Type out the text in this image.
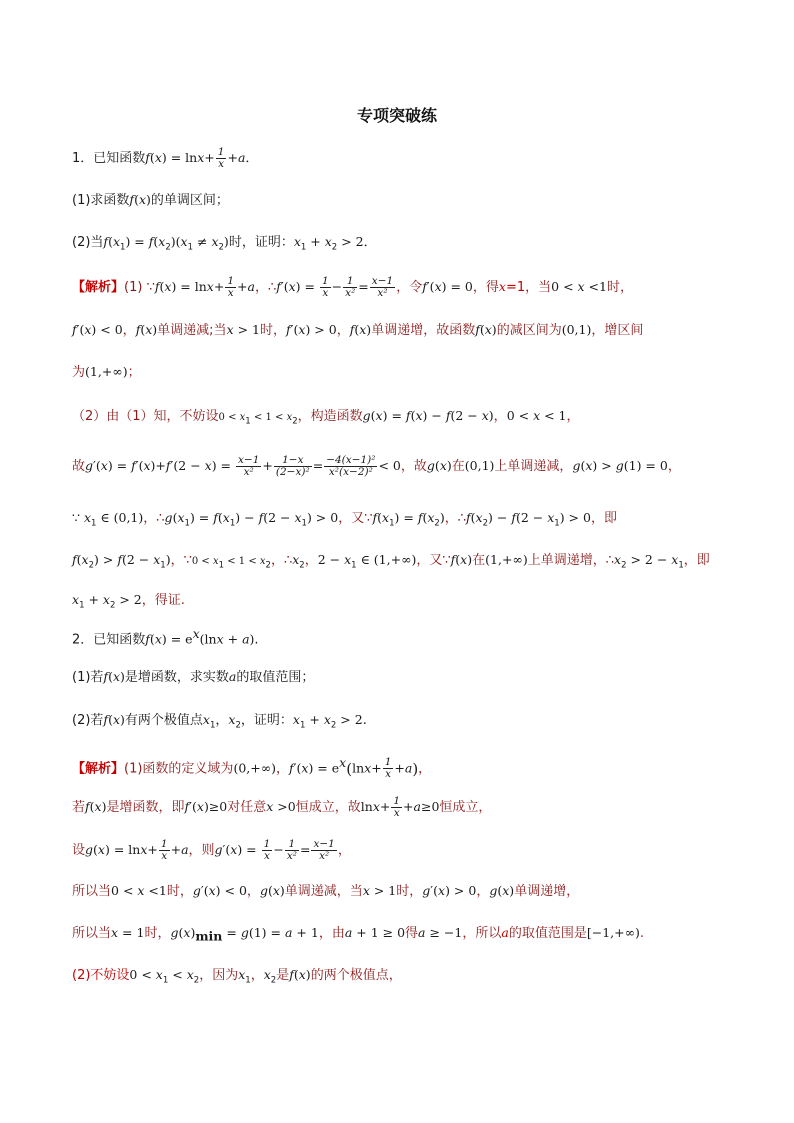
专项突破练
1．已知函数$f(x) = \ln x+ \frac{1}{x} +a$．
(1)求函数f(x)的单调区间；
(2)当$f(x_1) = f(x_2)(x_1 \ne x_2)$时，证明：$x_1 + x_2 > 2$．
【解析】(1) ∵f(x) = $\ln x+ \frac{1}{x} +a$，∴f′(x) = $\frac{1}{x} - \frac{1}{\text{x²}} = \frac{x-1}{\text{x²}}$ ，令f′(x) = 0，得x=1，当0 < x <1时，
f′(x) < 0，f(x)单调递减;当x > 1时，f′(x) > 0，f(x)单调递增，故函数f(x)的减区间为(0,1)，增区间
为(1,+∞)；
（2）由（1）知，不妨设$0 < x_1 < 1 < x_2$，构造函数g(x) = f(x) − f(2 − x)，0 < x < 1，
故$g'(x) = f'(x)+f'(2 - x) = \frac{x-1}{\text{x²}} + \frac{1-x}{\text{(2−x)²}} = \frac{\text{−4(x−1)²}}{\text{x²(x−2)²}} < 0$，故g(x)在(0,1)上单调递减，g(x) > g(1) = 0，
∵ $x_1$ ∈ (0,1)，$\therefore g(x_1) = f(x_1) - f(2 - x_1) > 0$，又$\because f(x_1) = f(x_2)$，$\therefore f(x_2) - f(2 - x_1) > 0$，即
$f(x_2) > f(2 - x_1)$，∵0 < $x_1 < 1 < x_2$，$\therefore x_2$，$2 - x_1$ ∈ (1,+∞)，又∵f(x)在(1,+∞)上单调递增，$\therefore x_2 > 2 - x_1$，即
$x_1 + x_2 > 2$，得证.
2．已知函数$f(x) = e^x(\ln x + a)$.
(1)若f(x)是增函数，求实数a的取值范围；
(2)若f(x)有两个极值点$x_1$，$x_2$，证明：$x_1 + x_2 > 2$.
【解析】(1)函数的定义域为(0,+∞)，$f'(x) = e^x(\ln x+ \frac{1}{x} +a)$，
若f(x)是增函数，即f′(x)≥0对任意x >0恒成立，故$\ln x+ \frac{1}{x} +a\ge 0$恒成立，
设$g(x) = \ln x+ \frac{1}{x} +a$，则$g'(x) = \frac{1}{x} - \frac{1}{\text{x²}} = \frac{x-1}{\text{x²}}$ ，
所以当0 < x <1时，g′(x) < 0，g(x)单调递减，当x > 1时，g′(x) > 0，g(x)单调递增，
所以当x = 1时，$g(x)_{min} = g(1) = a + 1$，由a + 1 ≥ 0得a ≥ −1，所以a的取值范围是[−1,+∞).
(2)不妨设$0 < x_1 < x_2$，因为$x_1$，$x_2$是f(x)的两个极值点，
